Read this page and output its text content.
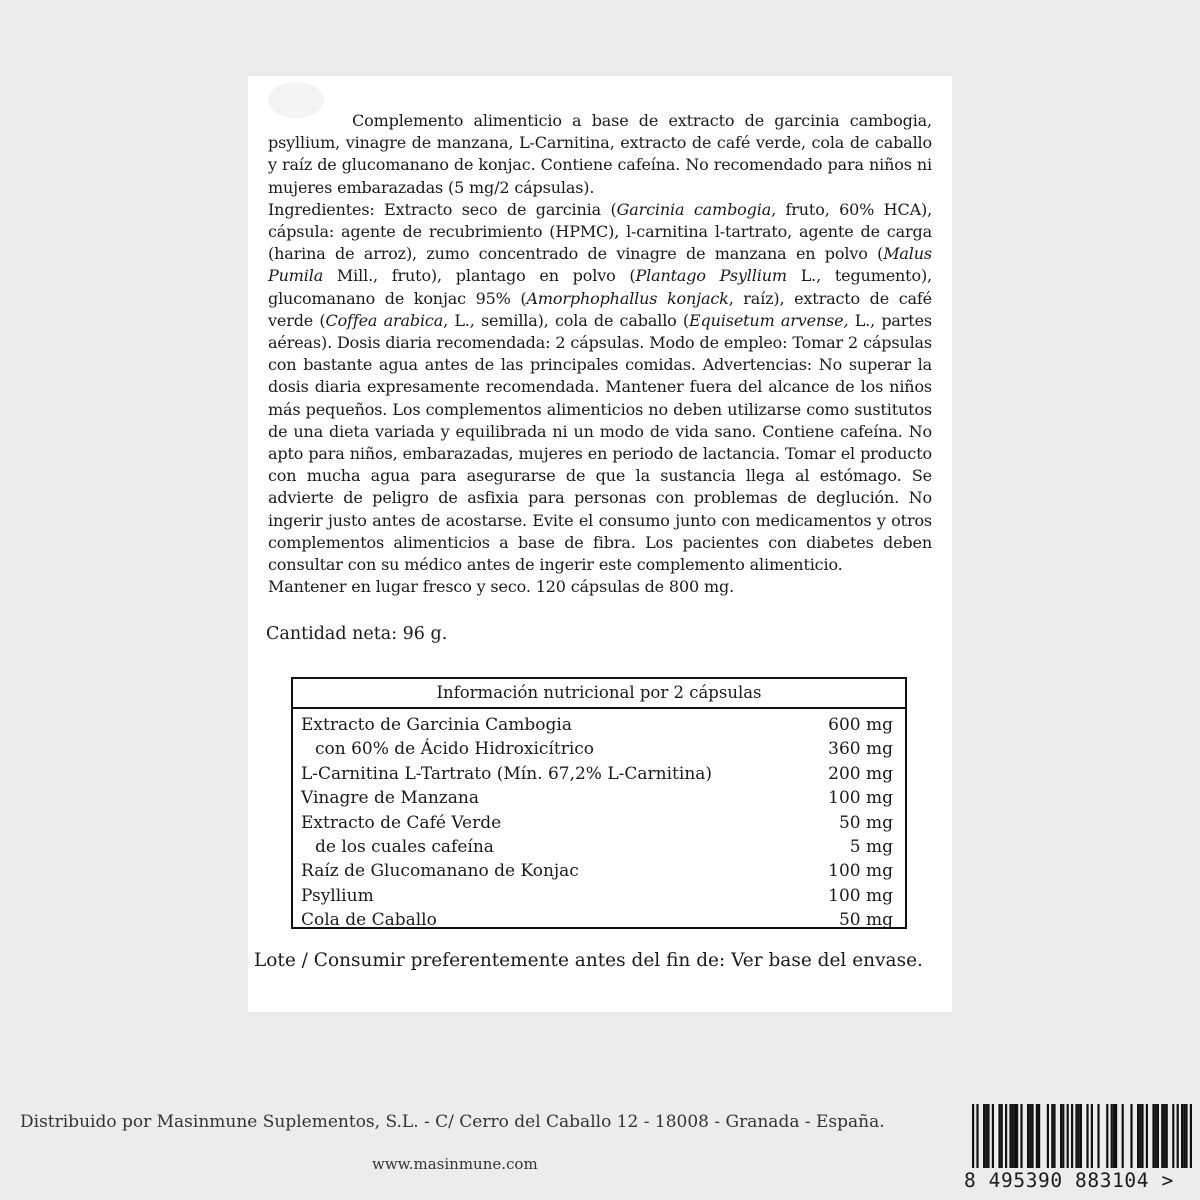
Complemento alimenticio a base de extracto de garcinia cambogia, psyllium, vinagre de manzana, L-Carnitina, extracto de café verde, cola de caballo y raíz de glucomanano de konjac. Contiene cafeína. No recomendado para niños ni mujeres embarazadas (5 mg/2 cápsulas).

Ingredientes: Extracto seco de garcinia (Garcinia cambogia, fruto, 60% HCA), cápsula: agente de recubrimiento (HPMC), l-carnitina l-tartrato, agente de carga (harina de arroz), zumo concentrado de vinagre de manzana en polvo (Malus Pumila Mill., fruto), plantago en polvo (Plantago Psyllium L., tegumento), glucomanano de konjac 95% (Amorphophallus konjack, raíz), extracto de café verde (Coffea arabica, L., semilla), cola de caballo (Equisetum arvense, L., partes aéreas). Dosis diaria recomendada: 2 cápsulas. Modo de empleo: Tomar 2 cápsulas con bastante agua antes de las principales comidas. Advertencias: No superar la dosis diaria expresamente recomendada. Mantener fuera del alcance de los niños más pequeños. Los complementos alimenticios no deben utilizarse como sustitutos de una dieta variada y equilibrada ni un modo de vida sano. Contiene cafeína. No apto para niños, embarazadas, mujeres en periodo de lactancia. Tomar el producto con mucha agua para asegurarse de que la sustancia llega al estómago. Se advierte de peligro de asfixia para personas con problemas de deglución. No ingerir justo antes de acostarse. Evite el consumo junto con medicamentos y otros complementos alimenticios a base de fibra. Los pacientes con diabetes deben consultar con su médico antes de ingerir este complemento alimenticio.

Mantener en lugar fresco y seco. 120 cápsulas de 800 mg.

Cantidad neta: 96 g.
Información nutricional por 2 cápsulas
Extracto de Garcinia Cambogia	600 mg
con 60% de Ácido Hidroxicítrico	360 mg
L-Carnitina L-Tartrato (Mín. 67,2% L-Carnitina)	200 mg
Vinagre de Manzana	100 mg
Extracto de Café Verde	50 mg
de los cuales cafeína	5 mg
Raíz de Glucomanano de Konjac	100 mg
Psyllium	100 mg
Cola de Caballo	50 mg
Lote / Consumir preferentemente antes del fin de: Ver base del envase.
Distribuido por Masinmune Suplementos, S.L. - C/ Cerro del Caballo 12 - 18008 - Granada - España.
www.masinmune.com
8 495390 883104 >
